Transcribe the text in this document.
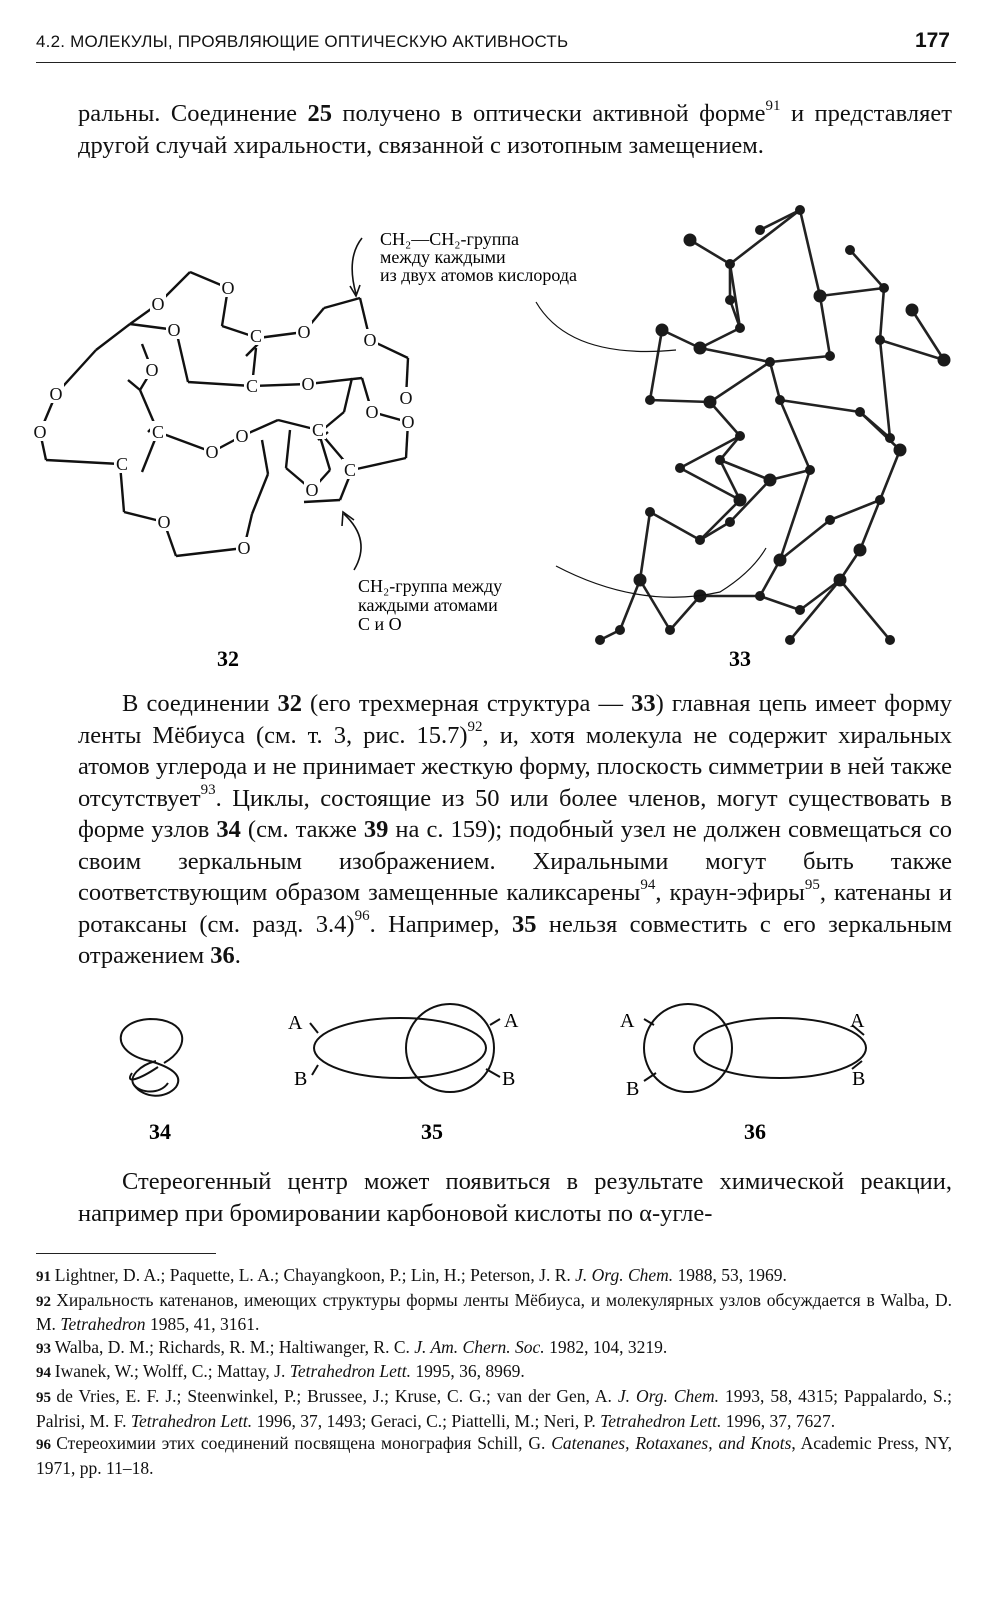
4.2. МОЛЕКУЛЫ, ПРОЯВЛЯЮЩИЕ ОПТИЧЕСКУЮ АКТИВНОСТЬ	177
ральны. Соединение 25 получено в оптически активной форме$^{91}$ и представляет другой случай хиральности, связанной с изотопным замещением.
O
O
O	O
O
O
O
O
O
O
O O
O
O
O
O
O
C
C
C
C
C
C
CH₂—CH₂-группа
между каждыми
из двух атомов кислорода
CH₂-группа между
каждыми атомами
C и O
32	33
В соединении 32 (его трехмерная структура — 33) главная цепь имеет форму ленты Мёбиуса (см. т. 3, рис. 15.7)$^{92}$, и, хотя молекула не содержит хиральных атомов углерода и не принимает жесткую форму, плоскость симметрии в ней также отсутствует$^{93}$. Циклы, состоящие из 50 или более членов, могут существовать в форме узлов 34 (см. также 39 на с. 159); подобный узел не должен совмещаться со своим зеркальным изображением. Хиральными могут быть также соответствующим образом замещенные каликсарены$^{94}$, краун-эфиры$^{95}$, катенаны и ротаксаны (см. разд. 3.4)$^{96}$. Например, 35 нельзя совместить с его зеркальным отражением 36.
A
B
A
B
A
B
A
B
34	35	36
Стереогенный центр может появиться в результате химической реакции, например при бромировании карбоновой кислоты по α-угле-

91 Lightner, D. A.; Paquette, L. A.; Chayangkoon, P.; Lin, H.; Peterson, J. R. J. Org. Chem. 1988, 53, 1969.

92 Хиральность катенанов, имеющих структуры формы ленты Мёбиуса, и молекулярных узлов обсуждается в Walba, D. M. Tetrahedron 1985, 41, 3161.

93 Walba, D. M.; Richards, R. M.; Haltiwanger, R. C. J. Am. Chern. Soc. 1982, 104, 3219.

94 Iwanek, W.; Wolff, C.; Mattay, J. Tetrahedron Lett. 1995, 36, 8969.

95 de Vries, E. F. J.; Steenwinkel, P.; Brussee, J.; Kruse, C. G.; van der Gen, A. J. Org. Chem. 1993, 58, 4315; Pappalardo, S.; Palrisi, M. F. Tetrahedron Lett. 1996, 37, 1493; Geraci, C.; Piattelli, M.; Neri, P. Tetrahedron Lett. 1996, 37, 7627.

96 Стереохимии этих соединений посвящена монография Schill, G. Catenanes, Rotaxanes, and Knots, Academic Press, NY, 1971, pp. 11–18.
